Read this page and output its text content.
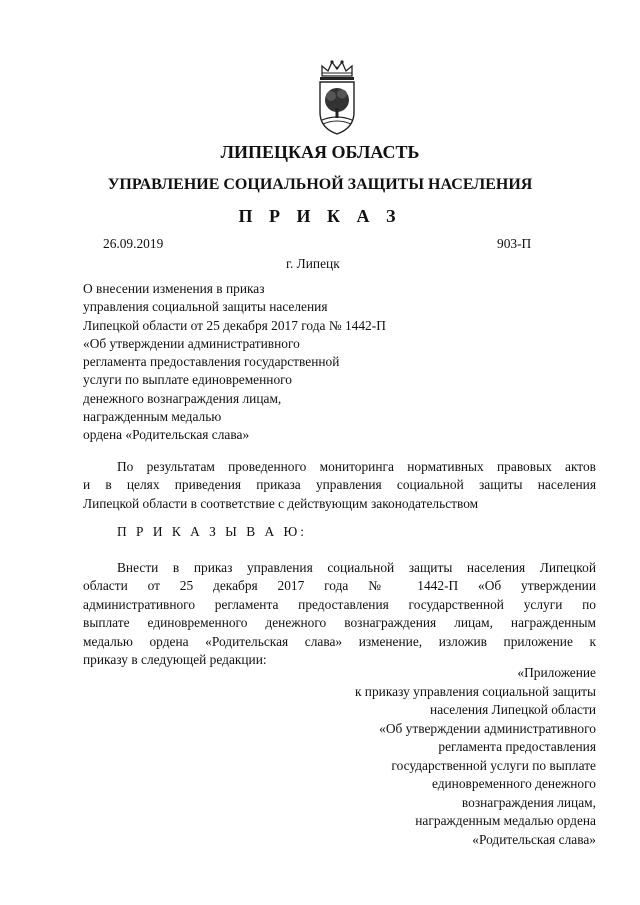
ЛИПЕЦКАЯ ОБЛАСТЬ
УПРАВЛЕНИЕ СОЦИАЛЬНОЙ ЗАЩИТЫ НАСЕЛЕНИЯ
П Р И К А З
26.09.2019	903-П
г. Липецк
О внесении изменения в приказ
управления социальной защиты населения
Липецкой области от 25 декабря 2017 года № 1442-П
«Об утверждении административного
регламента предоставления государственной
услуги по выплате единовременного
денежного вознаграждения лицам,
награжденным медалью
ордена «Родительская слава»
По результатам проведенного мониторинга нормативных правовых актов
и в целях приведения приказа управления социальной защиты населения
Липецкой области в соответствие с действующим законодательством
П Р И К А З Ы В А Ю:
Внести в приказ управления социальной защиты населения Липецкой
области от 25 декабря 2017 года № 1442-П «Об утверждении
административного регламента предоставления государственной услуги по
выплате единовременного денежного вознаграждения лицам, награжденным
медалью ордена «Родительская слава» изменение, изложив приложение к
приказу в следующей редакции:
«Приложение
к приказу управления социальной защиты
населения Липецкой области
«Об утверждении административного
регламента предоставления
государственной услуги по выплате
единовременного денежного
вознаграждения лицам,
награжденным медалью ордена
«Родительская слава»
